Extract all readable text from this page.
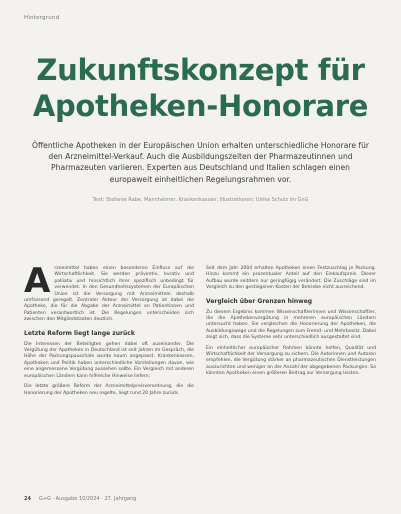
Hintergrund
Zukunftskonzept für
Apotheken-Honorare
Öffentliche Apotheken in der Europäischen Union erhalten unterschiedliche Honorare für den Arzneimittel-Verkauf. Auch die Ausbildungszeiten der Pharmazeutinnen und Pharmazeuten variieren. Experten aus Deutschland und Italien schlagen einen europaweit einheitlichen Regelungsrahmen vor.
Text: Stefanie Rabe, Mannheimer, Krankenkassen; Illustrationen: Ulrike Schulz im GnG
A rzneimittel haben einen besonderen Einfluss auf die Wirtschaftlichkeit. Sie werden präventiv, kurativ und palliativ und hinsichtlich ihrer spezifisch unbedingt für verwendet. In den Gesundheitssystemen der Europäischen Union ist die Versorgung mit Arzneimitteln deshalb umfassend geregelt. Zentraler Akteur der Versorgung ist dabei die Apotheke, die für die Abgabe der Arzneimittel an Patientinnen und Patienten verantwortlich ist. Die Regelungen unterscheiden sich zwischen den Mitgliedstaaten deutlich.

Letzte Reform liegt lange zurück

Die Interessen der Beteiligten gehen dabei oft auseinander. Die Vergütung der Apotheken in Deutschland ist seit Jahren im Gespräch, die Höhe der Packungspauschale wurde kaum angepasst. Krankenkassen, Apotheken und Politik haben unterschiedliche Vorstellungen davon, wie eine angemessene Vergütung aussehen sollte. Ein Vergleich mit anderen europäischen Ländern kann hilfreiche Hinweise liefern.

Die letzte größere Reform der Arzneimittelpreisverordnung, die die Honorierung der Apotheken neu regelte, liegt rund 20 Jahre zurück.

Seit dem Jahr 2004 erhalten Apotheken einen Festzuschlag je Packung. Hinzu kommt ein prozentualer Anteil auf den Einkaufspreis. Dieser Aufbau wurde seitdem nur geringfügig verändert. Die Zuschläge sind im Vergleich zu den gestiegenen Kosten der Betriebe nicht ausreichend.

Vergleich über Grenzen hinweg

Zu diesem Ergebnis kommen Wissenschaftlerinnen und Wissenschaftler, die die Apothekenvergütung in mehreren europäischen Ländern untersucht haben. Sie vergleichen die Honorierung der Apotheken, die Ausbildungswege und die Regelungen zum Fremd- und Mehrbesitz. Dabei zeigt sich, dass die Systeme sehr unterschiedlich ausgestaltet sind.

Ein einheitlicher europäischer Rahmen könnte helfen, Qualität und Wirtschaftlichkeit der Versorgung zu sichern. Die Autorinnen und Autoren empfehlen, die Vergütung stärker an pharmazeutischen Dienstleistungen auszurichten und weniger an der Anzahl der abgegebenen Packungen. So könnten Apotheken einen größeren Beitrag zur Versorgung leisten.

24 G+G · Ausgabe 10/2024 · 27. Jahrgang
